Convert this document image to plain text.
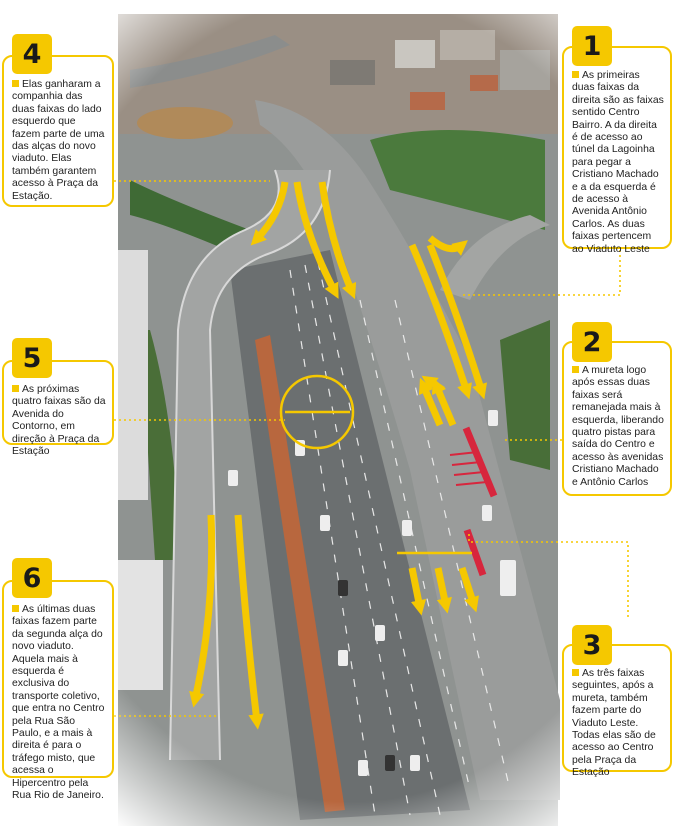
As primeiras duas faixas da direita são as faixas sentido Centro Bairro. A da direita é de acesso ao túnel da Lagoinha para pegar a Cristiano Machado e a da esquerda é de acesso à Avenida Antônio Carlos. As duas faixas pertencem ao Viaduto Leste
1
A mureta logo após essas duas faixas será remanejada mais à esquerda, liberando quatro pistas para saída do Centro e acesso às avenidas Cristiano Machado e Antônio Carlos
2
As três faixas seguintes, após a mureta, também fazem parte do Viaduto Leste. Todas elas são de acesso ao Centro pela Praça da Estação
3
Elas ganharam a companhia das duas faixas do lado esquerdo que fazem parte de uma das alças do novo viaduto. Elas também garantem acesso à Praça da Estação.
4
As próximas quatro faixas são da Avenida do Contorno, em direção à Praça da Estação
5
As últimas duas faixas fazem parte da segunda alça do novo viaduto. Aquela mais à esquerda é exclusiva do transporte coletivo, que entra no Centro pela Rua São Paulo, e a mais à direita é para o tráfego misto, que acessa o Hipercentro pela Rua Rio de Janeiro.
6
